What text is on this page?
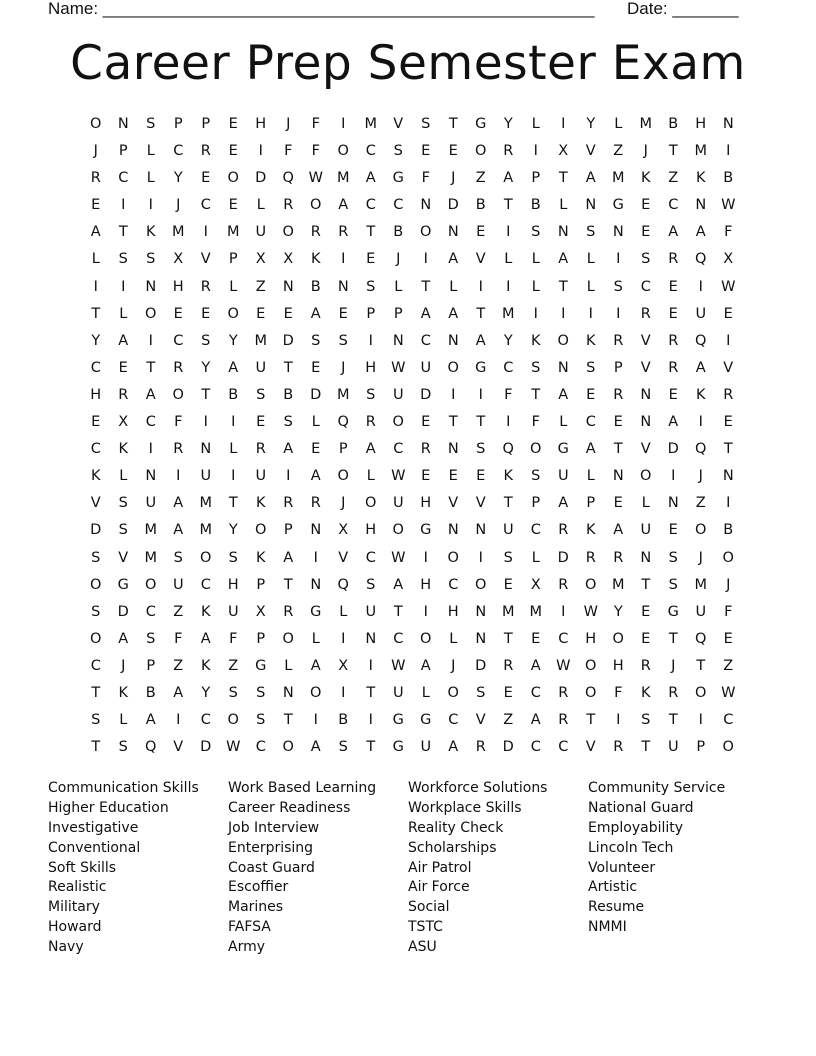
Name: ____________________________________________________

Date: _______

Career Prep Semester Exam
O	N	S	P	P	E	H	J	F	I	M	V	S	T	G	Y	L	I	Y	L	M	B	H	N
J	P	L	C	R	E	I	F	F	O	C	S	E	E	O	R	I	X	V	Z	J	T	M	I
R	C	L	Y	E	O	D	Q	W M	A	G	F	J	Z	A	P	T	A	M	K	Z	K	B
E	I	I	J	C	E	L	R	O	A	C	C	N	D	B	T	B	L	N	G	E	C	N	W
A	T	K	M	I	M	U	O	R	R	T	B	O	N	E	I	S	N	S	N	E	A	A	F
L	S	S	X	V	P	X	X	K	I	E	J	I	A	V	L	L	A	L	I	S	R	Q	X
I	I	N	H	R	L	Z	N	B	N	S	L	T	L	I	I	L	T	L	S	C	E	I	W
T	L	O	E	E	O	E	E	A	E	P	P	A	A	T	M	I	I	I	I	R	E	U	E
Y	A	I	C	S	Y	M	D	S	S	I	N	C	N	A	Y	K	O	K	R	V	R	Q	I
C	E	T	R	Y	A	U	T	E	J	H	W	U	O	G	C	S	N	S	P	V	R	A	V
H	R	A	O	T	B	S	B	D	M	S	U	D	I	I	F	T	A	E	R	N	E	K	R
E	X	C	F	I	I	E	S	L	Q	R	O	E	T	T	I	F	L	C	E	N	A	I	E
C	K	I	R	N	L	R	A	E	P	A	C	R	N	S	Q	O	G	A	T	V	D	Q	T
K	L	N	I	U	I	U	I	A	O	L	W	E	E	E	K	S	U	L	N	O	I	J	N
V	S	U	A	M	T	K	R	R	J	O	U	H	V	V	T	P	A	P	E	L	N	Z	I
D	S	M	A	M	Y	O	P	N	X	H	O	G	N	N	U	C	R	K	A	U	E	O	B
S	V	M	S	O	S	K	A	I	V	C	W	I	O	I	S	L	D	R	R	N	S	J	O
O	G	O	U	C	H	P	T	N	Q	S	A	H	C	O	E	X	R	O	M	T	S	M	J
S	D	C	Z	K	U	X	R	G	L	U	T	I	H	N	M	M	I	W	Y	E	G	U	F
O	A	S	F	A	F	P	O	L	I	N	C	O	L	N	T	E	C	H	O	E	T	Q	E
C	J	P	Z	K	Z	G	L	A	X	I	W	A	J	D	R	A	W	O	H	R	J	T	Z
T	K	B	A	Y	S	S	N	O	I	T	U	L	O	S	E	C	R	O	F	K	R	O	W
S	L	A	I	C	O	S	T	I	B	I	G	G	C	V	Z	A	R	T	I	S	T	I	C
T	S	Q	V	D	W	C	O	A	S	T	G	U	A	R	D	C	C	V	R	T	U	P	O
Communication Skills
Higher Education
Investigative
Conventional
Soft Skills
Realistic
Military
Howard
Navy
Work Based Learning
Career Readiness
Job Interview
Enterprising
Coast Guard
Escoffier
Marines
FAFSA
Army
Workforce Solutions
Workplace Skills
Reality Check
Scholarships
Air Patrol
Air Force
Social
TSTC
ASU
Community Service
National Guard
Employability
Lincoln Tech
Volunteer
Artistic
Resume
NMMI
